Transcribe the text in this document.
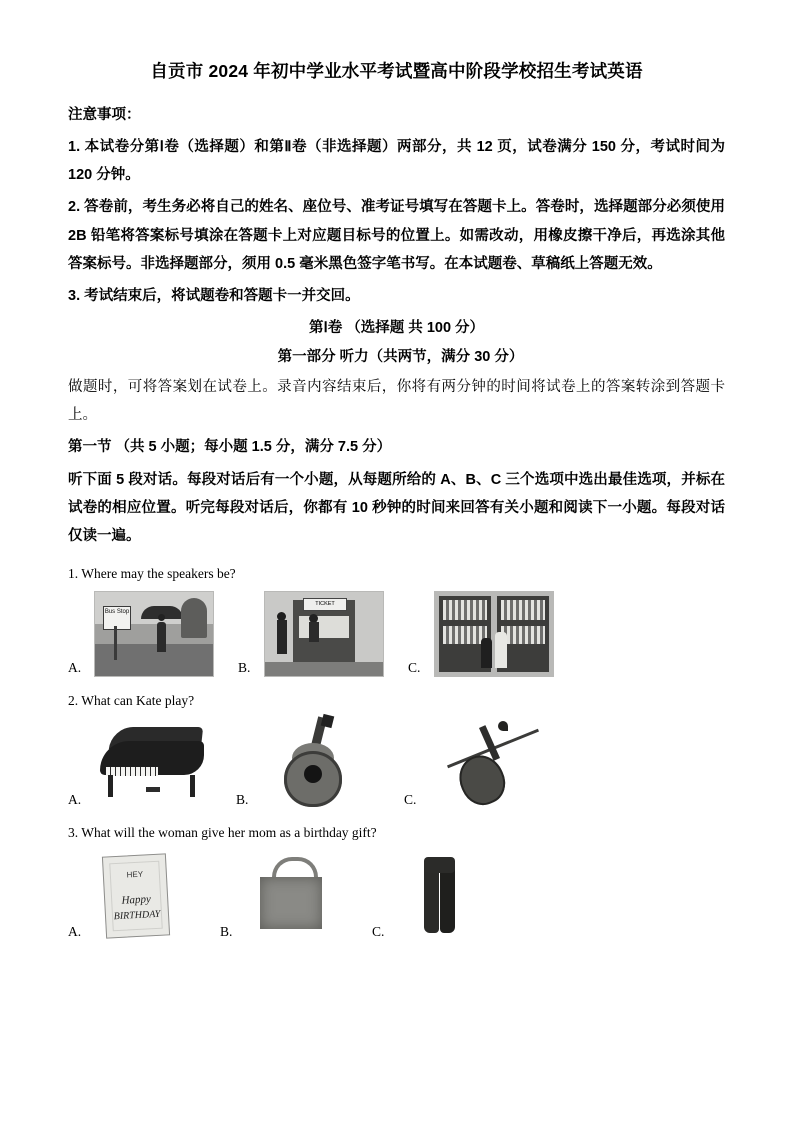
自贡市 2024 年初中学业水平考试暨高中阶段学校招生考试英语
注意事项：
1. 本试卷分第Ⅰ卷（选择题）和第Ⅱ卷（非选择题）两部分，共 12 页，试卷满分 150 分，考试时间为 120 分钟。
2. 答卷前，考生务必将自己的姓名、座位号、准考证号填写在答题卡上。答卷时，选择题部分必须使用 2B 铅笔将答案标号填涂在答题卡上对应题目标号的位置上。如需改动，用橡皮擦干净后，再选涂其他答案标号。非选择题部分，须用 0.5 毫米黑色签字笔书写。在本试题卷、草稿纸上答题无效。
3. 考试结束后，将试题卷和答题卡一并交回。
第Ⅰ卷 （选择题 共 100 分）
第一部分 听力（共两节，满分 30 分）
做题时，可将答案划在试卷上。录音内容结束后，你将有两分钟的时间将试卷上的答案转涂到答题卡上。
第一节 （共 5 小题；每小题 1.5 分，满分 7.5 分）
听下面 5 段对话。每段对话后有一个小题，从每题所给的 A、B、C 三个选项中选出最佳选项，并标在试卷的相应位置。听完每段对话后，你都有 10 秒钟的时间来回答有关小题和阅读下一小题。每段对话仅读一遍。
1. Where may the speakers be?
A.
Bus Stop
B.
TICKET
C.
2. What can Kate play?
A.	B.	C.
3. What will the woman give her mom as a birthday gift?
A.
HEY
Happy
BIRTHDAY
B.	C.
